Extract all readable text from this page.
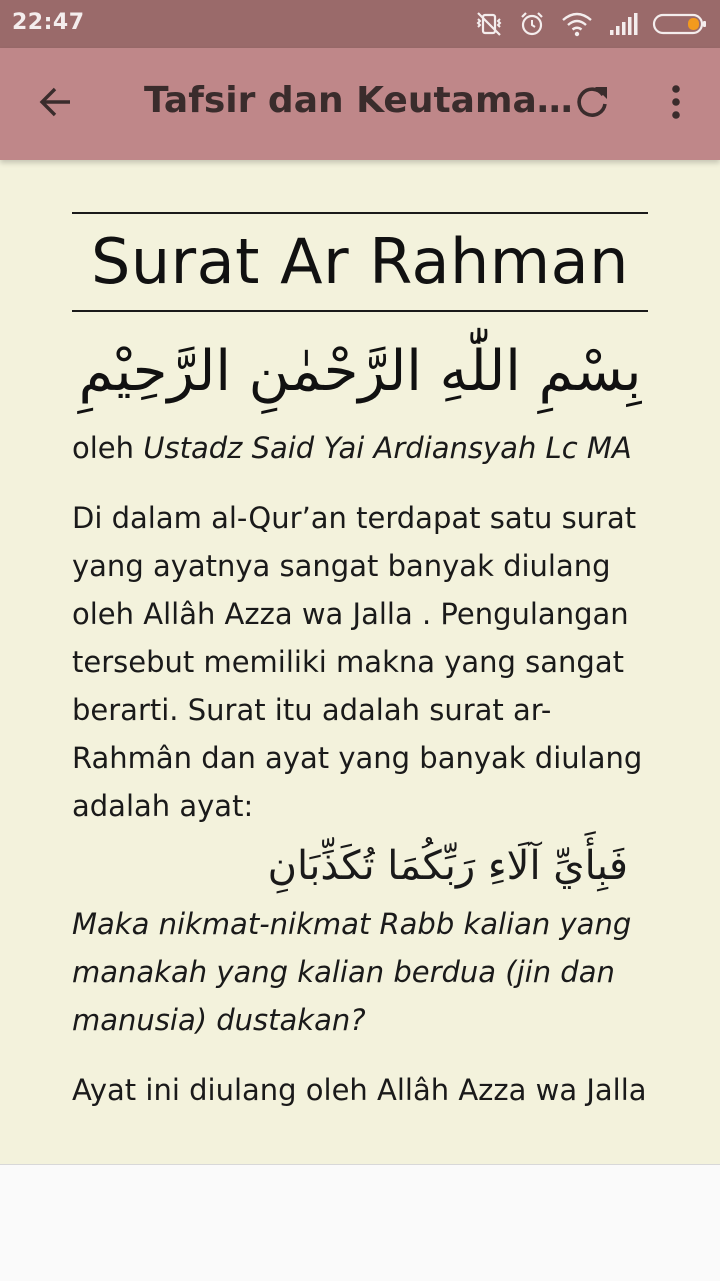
22:47
Tafsir dan Keutama…
Surat Ar Rahman
بِسْمِ اللّٰهِ الرَّحْمٰنِ الرَّحِيْمِ
oleh Ustadz Said Yai Ardiansyah Lc MA
Di dalam al-Qur’an terdapat satu surat yang ayatnya sangat banyak diulang oleh Allâh Azza wa Jalla . Pengulangan tersebut memiliki makna yang sangat berarti. Surat itu adalah surat ar-Rahmân dan ayat yang banyak diulang adalah ayat:
فَبِأَيِّ آلَاءِ رَبِّكُمَا تُكَذِّبَانِ
Maka nikmat-nikmat Rabb kalian yang manakah yang kalian berdua (jin dan manusia) dustakan?
Ayat ini diulang oleh Allâh Azza wa Jalla
